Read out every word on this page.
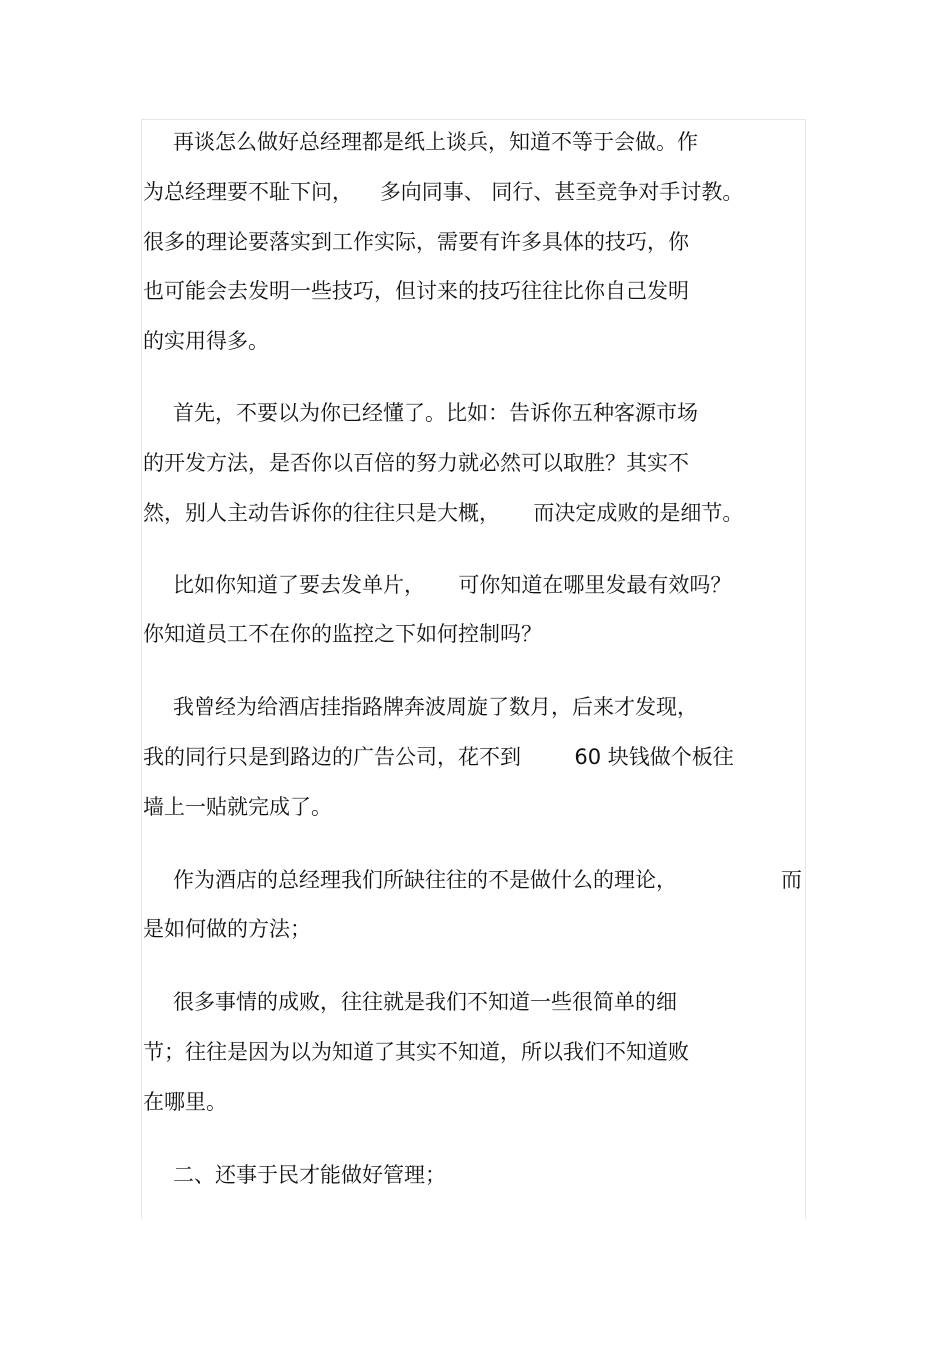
再谈怎么做好总经理都是纸上谈兵，知道不等于会做。作
为总经理要不耻下问，    多向同事、 同行、甚至竞争对手讨教。
很多的理论要落实到工作实际，需要有许多具体的技巧，你
也可能会去发明一些技巧，但讨来的技巧往往比你自己发明
的实用得多。
首先，不要以为你已经懂了。比如：告诉你五种客源市场
的开发方法，是否你以百倍的努力就必然可以取胜？其实不
然，别人主动告诉你的往往只是大概，     而决定成败的是细节。
比如你知道了要去发单片，     可你知道在哪里发最有效吗？
你知道员工不在你的监控之下如何控制吗？
我曾经为给酒店挂指路牌奔波周旋了数月，后来才发现，
我的同行只是到路边的广告公司，花不到        60 块钱做个板往
墙上一贴就完成了。
作为酒店的总经理我们所缺往往的不是做什么的理论，	而
是如何做的方法；
很多事情的成败，往往就是我们不知道一些很简单的细
节；往往是因为以为知道了其实不知道，所以我们不知道败
在哪里。
二、还事于民才能做好管理；
